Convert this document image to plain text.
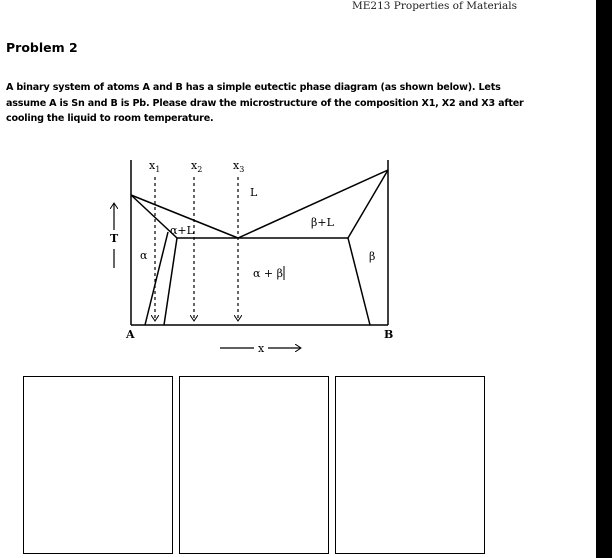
ME213 Properties of Materials
Problem 2
A binary system of atoms A and B has a simple eutectic phase diagram (as shown below). Lets
assume A is Sn and B is Pb. Please draw the microstructure of the composition X1, X2 and X3 after
cooling the liquid to room temperature.
$x_1$	$x_2$	$x_3$
L
α+L
β+L
α	β
α + β
T
A	B
x
